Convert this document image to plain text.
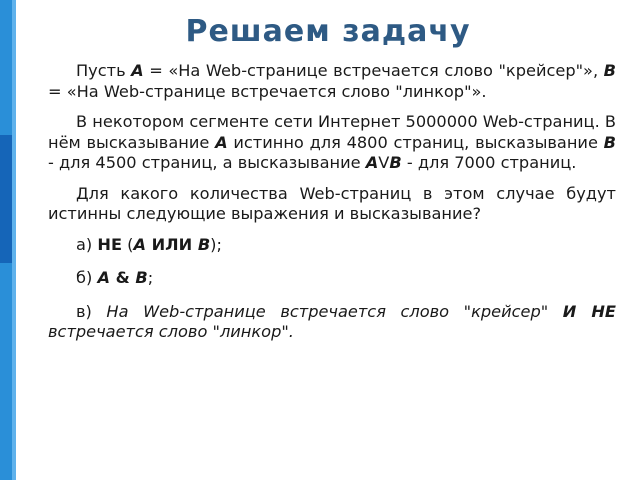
Решаем задачу

Пусть A = «На Web-странице встречается слово "крейсер"», B = «На Web-странице встречается слово "линкор"».

В некотором сегменте сети Интернет 5000000 Web-страниц. В нём высказывание A истинно для 4800 страниц, высказывание B - для 4500 страниц, а высказывание AVB - для 7000 страниц.

Для какого количества Web-страниц в этом случае будут истинны следующие выражения и высказывание?

а) НЕ (A ИЛИ B);

б) A & B;

в) На Web-странице встречается слово "крейсер" И НЕ встречается слово "линкор".
